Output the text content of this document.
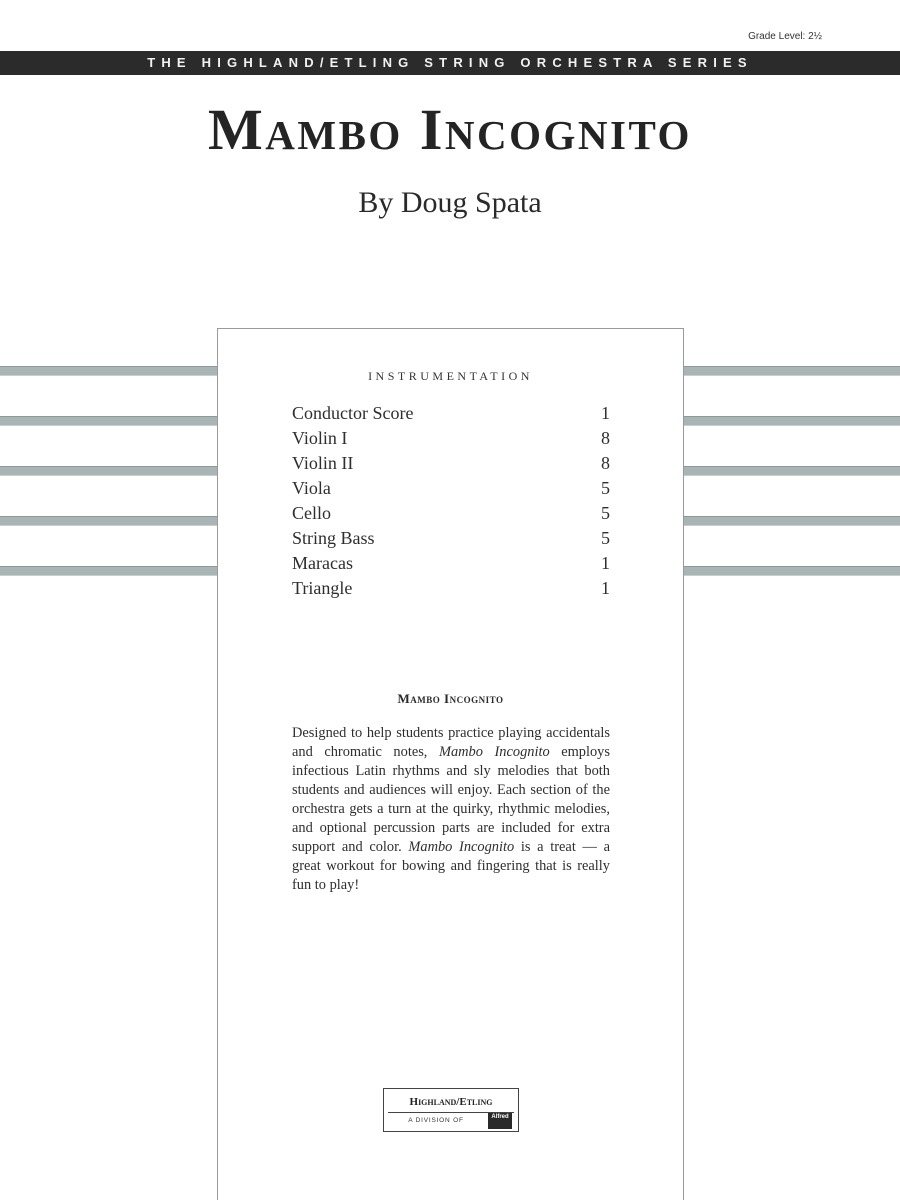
Grade Level: 2½
THE HIGHLAND/ETLING STRING ORCHESTRA SERIES
Mambo Incognito
By Doug Spata
INSTRUMENTATION
Conductor Score	1
Violin I	8
Violin II	8
Viola	5
Cello	5
String Bass	5
Maracas	1
Triangle	1
Mambo Incognito

Designed to help students practice playing accidentals and chromatic notes, Mambo Incognito employs infectious Latin rhythms and sly melodies that both students and audiences will enjoy. Each section of the orchestra gets a turn at the quirky, rhythmic melodies, and optional percussion parts are included for extra support and color. Mambo Incognito is a treat — a great workout for bowing and fingering that is really fun to play!

Highland/Etling
A DIVISION OF	Alfred
